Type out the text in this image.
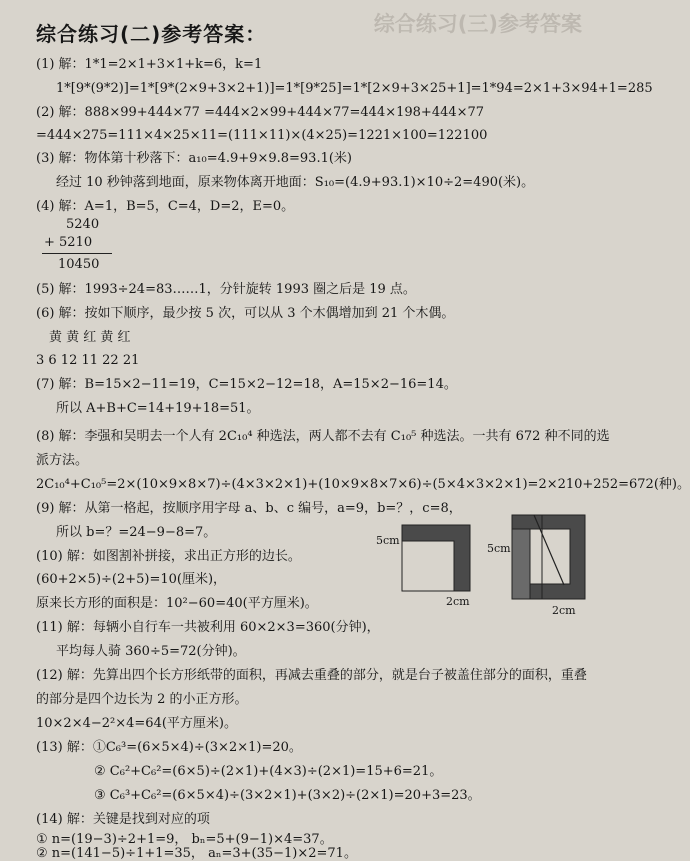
综合练习(三)参考答案
综合练习(二)参考答案：
(1) 解：1*1=2×1+3×1+k=6，k=1
1*[9*(9*2)]=1*[9*(2×9+3×2+1)]=1*[9*25]=1*[2×9+3×25+1]=1*94=2×1+3×94+1=285
(2) 解：888×99+444×77 =444×2×99+444×77=444×198+444×77
=444×275=111×4×25×11=(111×11)×(4×25)=1221×100=122100
(3) 解：物体第十秒落下：a₁₀=4.9+9×9.8=93.1(米)
经过 10 秒钟落到地面，原来物体离开地面：S₁₀=(4.9+93.1)×10÷2=490(米)。
(4) 解：A=1，B=5，C=4，D=2，E=0。
5240
+ 5210
10450
(5) 解：1993÷24=83……1，分针旋转 1993 圈之后是 19 点。
(6) 解：按如下顺序，最少按 5 次，可以从 3 个木偶增加到 21 个木偶。
黄 黄 红 黄 红
3 6 12 11 22 21
(7) 解：B=15×2−11=19，C=15×2−12=18，A=15×2−16=14。
所以 A+B+C=14+19+18=51。
(8) 解：李强和吴明去一个人有 2C₁₀⁴ 种选法，两人都不去有 C₁₀⁵ 种选法。一共有 672 种不同的选
派方法。
2C₁₀⁴+C₁₀⁵=2×(10×9×8×7)÷(4×3×2×1)+(10×9×8×7×6)÷(5×4×3×2×1)=2×210+252=672(种)。
(9) 解：从第一格起，按顺序用字母 a、b、c 编号，a=9，b=？，c=8，
所以 b=？=24−9−8=7。
(10) 解：如图割补拼接，求出正方形的边长。
(60+2×5)÷(2+5)=10(厘米)，
原来长方形的面积是：10²−60=40(平方厘米)。
(11) 解：每辆小自行车一共被利用 60×2×3=360(分钟)，
平均每人骑 360÷5=72(分钟)。
(12) 解：先算出四个长方形纸带的面积，再减去重叠的部分，就是台子被盖住部分的面积，重叠
的部分是四个边长为 2 的小正方形。
10×2×4−2²×4=64(平方厘米)。
(13) 解：①C₆³=(6×5×4)÷(3×2×1)=20。
② C₆²+C₆²=(6×5)÷(2×1)+(4×3)÷(2×1)=15+6=21。
③ C₆³+C₆²=(6×5×4)÷(3×2×1)+(3×2)÷(2×1)=20+3=23。
(14) 解：关键是找到对应的项
① n=(19−3)÷2+1=9， bₙ=5+(9−1)×4=37。
② n=(141−5)÷1+1=35， aₙ=3+(35−1)×2=71。
5cm
2cm
5cm
2cm
